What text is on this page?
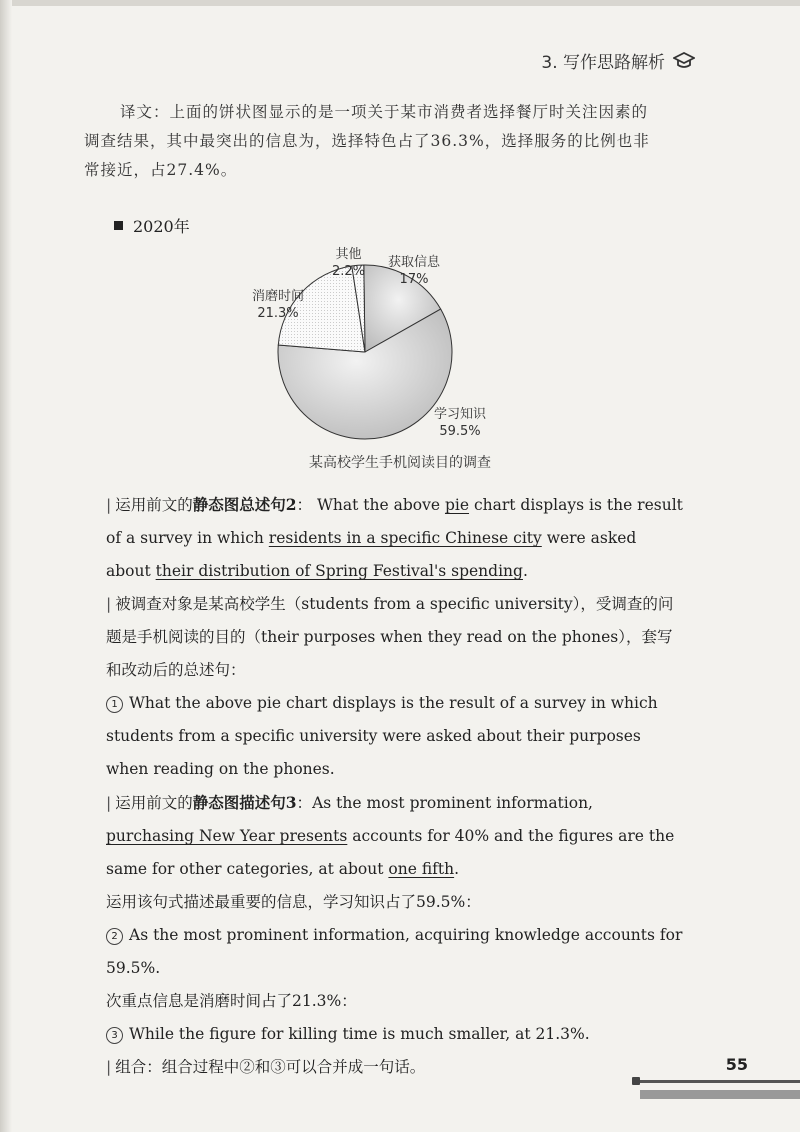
3. 写作思路解析
译文：上面的饼状图显示的是一项关于某市消费者选择餐厅时关注因素的
调查结果，其中最突出的信息为，选择特色占了36.3%，选择服务的比例也非
常接近，占27.4%。
2020年
其他
2.2%
获取信息
17%
消磨时间
21.3%
学习知识
59.5%
某高校学生手机阅读目的调查

| 运用前文的静态图总述句2： What the above pie chart displays is the result of a survey in which residents in a specific Chinese city were asked about their distribution of Spring Festival's spending.

| 被调查对象是某高校学生（students from a specific university），受调查的问题是手机阅读的目的（their purposes when they read on the phones），套写和改动后的总述句：

1 What the above pie chart displays is the result of a survey in which students from a specific university were asked about their purposes when reading on the phones.

| 运用前文的静态图描述句3：As the most prominent information, purchasing New Year presents accounts for 40% and the figures are the same for other categories, at about one fifth.

运用该句式描述最重要的信息，学习知识占了59.5%：

2 As the most prominent information, acquiring knowledge accounts for 59.5%.

次重点信息是消磨时间占了21.3%：

3 While the figure for killing time is much smaller, at 21.3%.

| 组合：组合过程中②和③可以合并成一句话。	55
